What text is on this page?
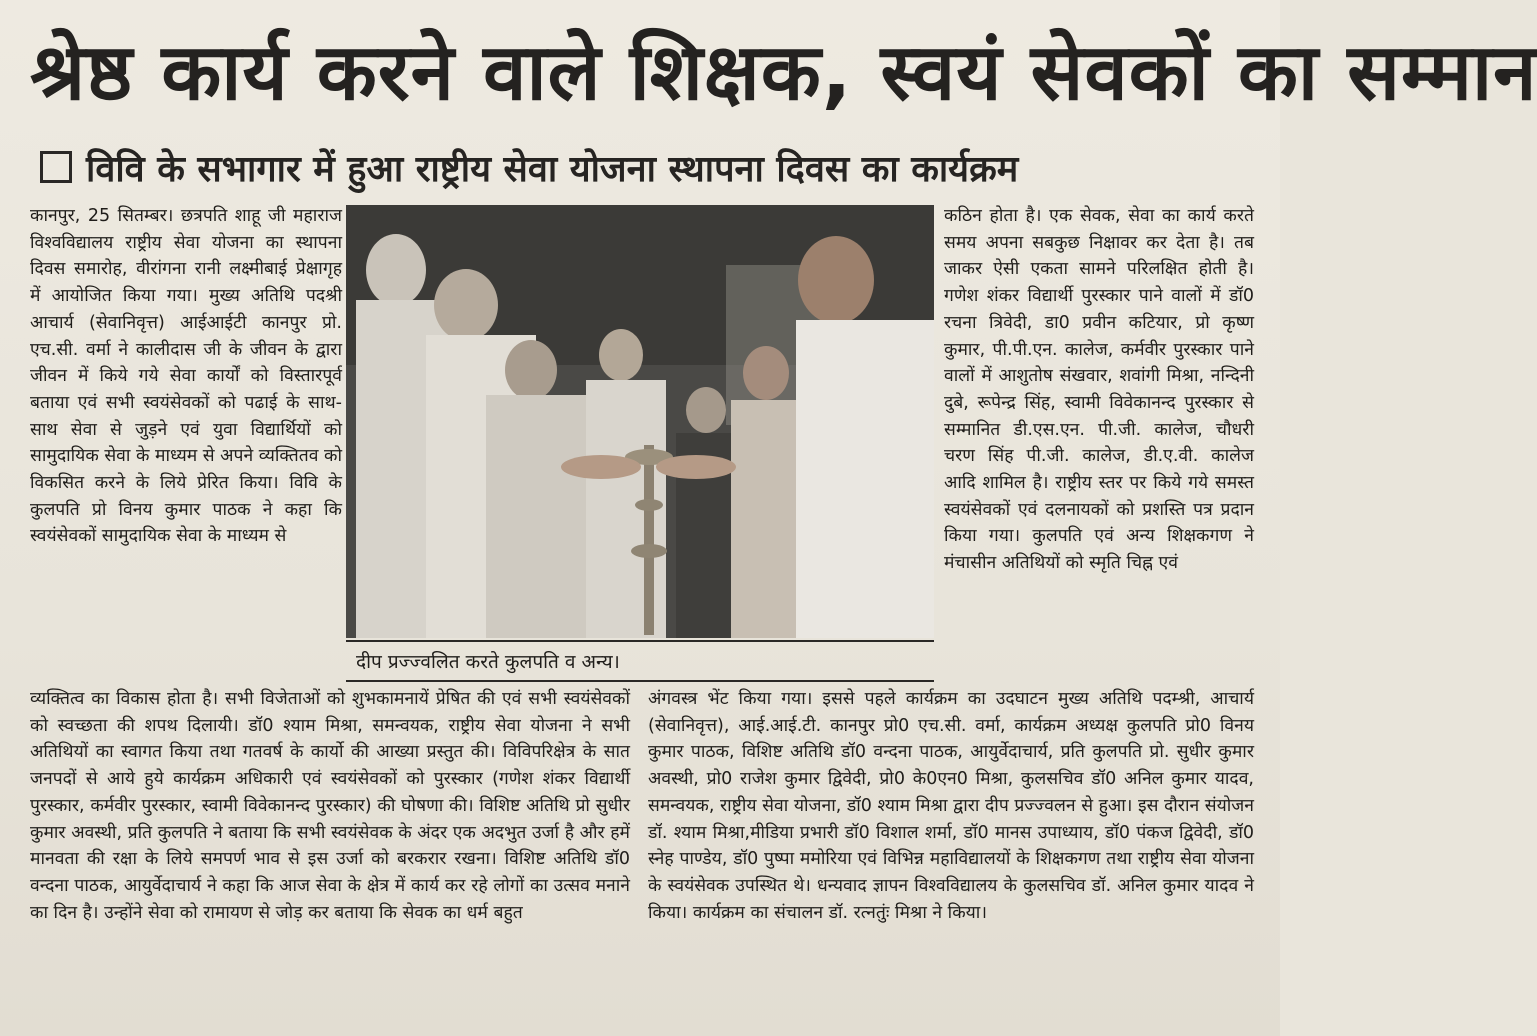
श्रेष्ठ कार्य करने वाले शिक्षक, स्वयं सेवकों का सम्मान
विवि के सभागार में हुआ राष्ट्रीय सेवा योजना स्थापना दिवस का कार्यक्रम

कानपुर, 25 सितम्बर। छत्रपति शाहू जी महाराज विश्वविद्यालय राष्ट्रीय सेवा योजना का स्थापना दिवस समारोह, वीरांगना रानी लक्ष्मीबाई प्रेक्षागृह में आयोजित किया गया। मुख्य अतिथि पदश्री आचार्य (सेवानिवृत्त) आईआईटी कानपुर प्रो. एच.सी. वर्मा ने कालीदास जी के जीवन के द्वारा जीवन में किये गये सेवा कार्यों को विस्तारपूर्व बताया एवं सभी स्वयंसेवकों को पढाई के साथ-साथ सेवा से जुड़ने एवं युवा विद्यार्थियों को सामुदायिक सेवा के माध्यम से अपने व्यक्तितव को विकसित करने के लिये प्रेरित किया। विवि के कुलपति प्रो विनय कुमार पाठक ने कहा कि स्वयंसेवकों सामुदायिक सेवा के माध्यम से

दीप प्रज्ज्वलित करते कुलपति व अन्य।

कठिन होता है। एक सेवक, सेवा का कार्य करते समय अपना सबकुछ निक्षावर कर देता है। तब जाकर ऐसी एकता सामने परिलक्षित होती है। गणेश शंकर विद्यार्थी पुरस्कार पाने वालों में डॉ0 रचना त्रिवेदी, डा0 प्रवीन कटियार, प्रो कृष्ण कुमार, पी.पी.एन. कालेज, कर्मवीर पुरस्कार पाने वालों में आशुतोष संखवार, शवांगी मिश्रा, नन्दिनी दुबे, रूपेन्द्र सिंह, स्वामी विवेकानन्द पुरस्कार से सम्मानित डी.एस.एन. पी.जी. कालेज, चौधरी चरण सिंह पी.जी. कालेज, डी.ए.वी. कालेज आदि शामिल है। राष्ट्रीय स्तर पर किये गये समस्त स्वयंसेवकों एवं दलनायकों को प्रशस्ति पत्र प्रदान किया गया। कुलपति एवं अन्य शिक्षकगण ने मंचासीन अतिथियों को स्मृति चिह्न एवं

व्यक्तित्व का विकास होता है। सभी विजेताओं को शुभकामनायें प्रेषित की एवं सभी स्वयंसेवकों को स्वच्छता की शपथ दिलायी। डॉ0 श्याम मिश्रा, समन्वयक, राष्ट्रीय सेवा योजना ने सभी अतिथियों का स्वागत किया तथा गतवर्ष के कार्यो की आख्या प्रस्तुत की। विविपरिक्षेत्र के सात जनपदों से आये हुये कार्यक्रम अधिकारी एवं स्वयंसेवकों को पुरस्कार (गणेश शंकर विद्यार्थी पुरस्कार, कर्मवीर पुरस्कार, स्वामी विवेकानन्द पुरस्कार) की घोषणा की। विशिष्ट अतिथि प्रो सुधीर कुमार अवस्थी, प्रति कुलपति ने बताया कि सभी स्वयंसेवक के अंदर एक अदभुत उर्जा है और हमें मानवता की रक्षा के लिये समपर्ण भाव से इस उर्जा को बरकरार रखना। विशिष्ट अतिथि डॉ0 वन्दना पाठक, आयुर्वेदाचार्य ने कहा कि आज सेवा के क्षेत्र में कार्य कर रहे लोगों का उत्सव मनाने का दिन है। उन्होंने सेवा को रामायण से जोड़ कर बताया कि सेवक का धर्म बहुत

अंगवस्त्र भेंट किया गया। इससे पहले कार्यक्रम का उदघाटन मुख्य अतिथि पदम्श्री, आचार्य (सेवानिवृत्त), आई.आई.टी. कानपुर प्रो0 एच.सी. वर्मा, कार्यक्रम अध्यक्ष कुलपति प्रो0 विनय कुमार पाठक, विशिष्ट अतिथि डॉ0 वन्दना पाठक, आयुर्वेदाचार्य, प्रति कुलपति प्रो. सुधीर कुमार अवस्थी, प्रो0 राजेश कुमार द्विवेदी, प्रो0 के0एन0 मिश्रा, कुलसचिव डॉ0 अनिल कुमार यादव, समन्वयक, राष्ट्रीय सेवा योजना, डॉ0 श्याम मिश्रा द्वारा दीप प्रज्ज्वलन से हुआ। इस दौरान संयोजन डॉ. श्याम मिश्रा,मीडिया प्रभारी डॉ0 विशाल शर्मा, डॉ0 मानस उपाध्याय, डॉ0 पंकज द्विवेदी, डॉ0 स्नेह पाण्डेय, डॉ0 पुष्पा ममोरिया एवं विभिन्न महाविद्यालयों के शिक्षकगण तथा राष्ट्रीय सेवा योजना के स्वयंसेवक उपस्थित थे। धन्यवाद ज्ञापन विश्वविद्यालय के कुलसचिव डॉ. अनिल कुमार यादव ने किया। कार्यक्रम का संचालन डॉ. रत्नतुंः मिश्रा ने किया।
